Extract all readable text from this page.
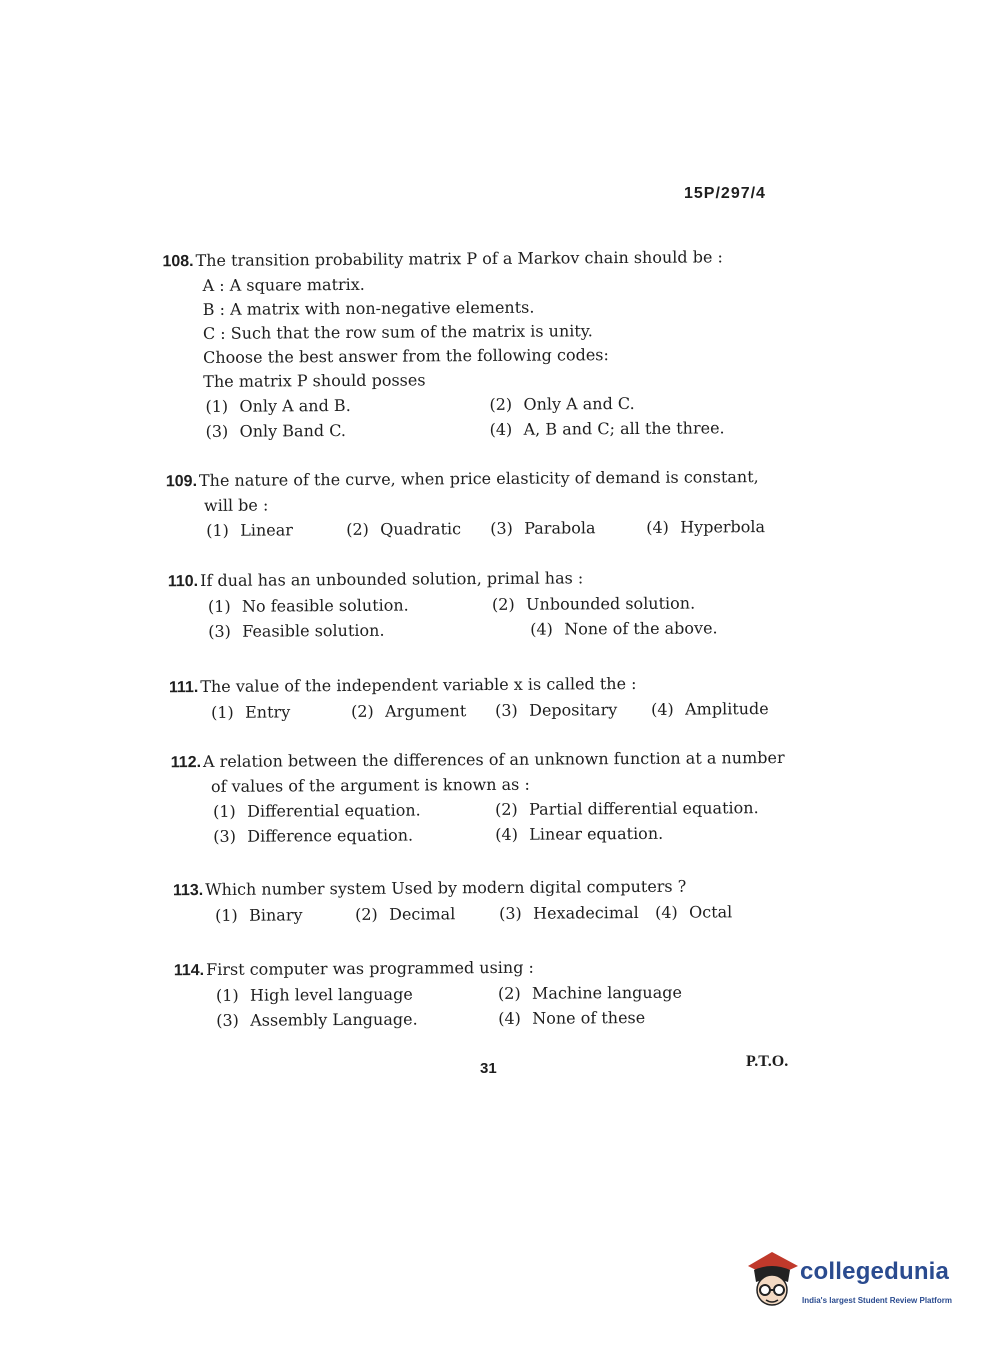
15P/297/4
108. The transition probability matrix P of a Markov chain should be :
A : A square matrix.
B : A matrix with non-negative elements.
C : Such that the row sum of the matrix is unity.
Choose the best answer from the following codes:
The matrix P should posses
(1) Only A and B.	(2) Only A and C.
(3) Only Band C.	(4) A, B and C; all the three.
109. The nature of the curve, when price elasticity of demand is constant,
will be :
(1) Linear	(2) Quadratic (3) Parabola	(4) Hyperbola
110. If dual has an unbounded solution, primal has :
(1) No feasible solution.	(2) Unbounded solution.
(3) Feasible solution.	(4) None of the above.
111. The value of the independent variable x is called the :
(1) Entry	(2) Argument (3) Depositary (4) Amplitude
112. A relation between the differences of an unknown function at a number
of values of the argument is known as :
(1) Differential equation.	(2) Partial differential equation.
(3) Difference equation.	(4) Linear equation.
113. Which number system Used by modern digital computers ?
(1) Binary	(2) Decimal	(3) Hexadecimal (4) Octal
114. First computer was programmed using :
(1) High level language	(2) Machine language
(3) Assembly Language.	(4) None of these
31	P.T.O.
collegedunia
India's largest Student Review Platform
